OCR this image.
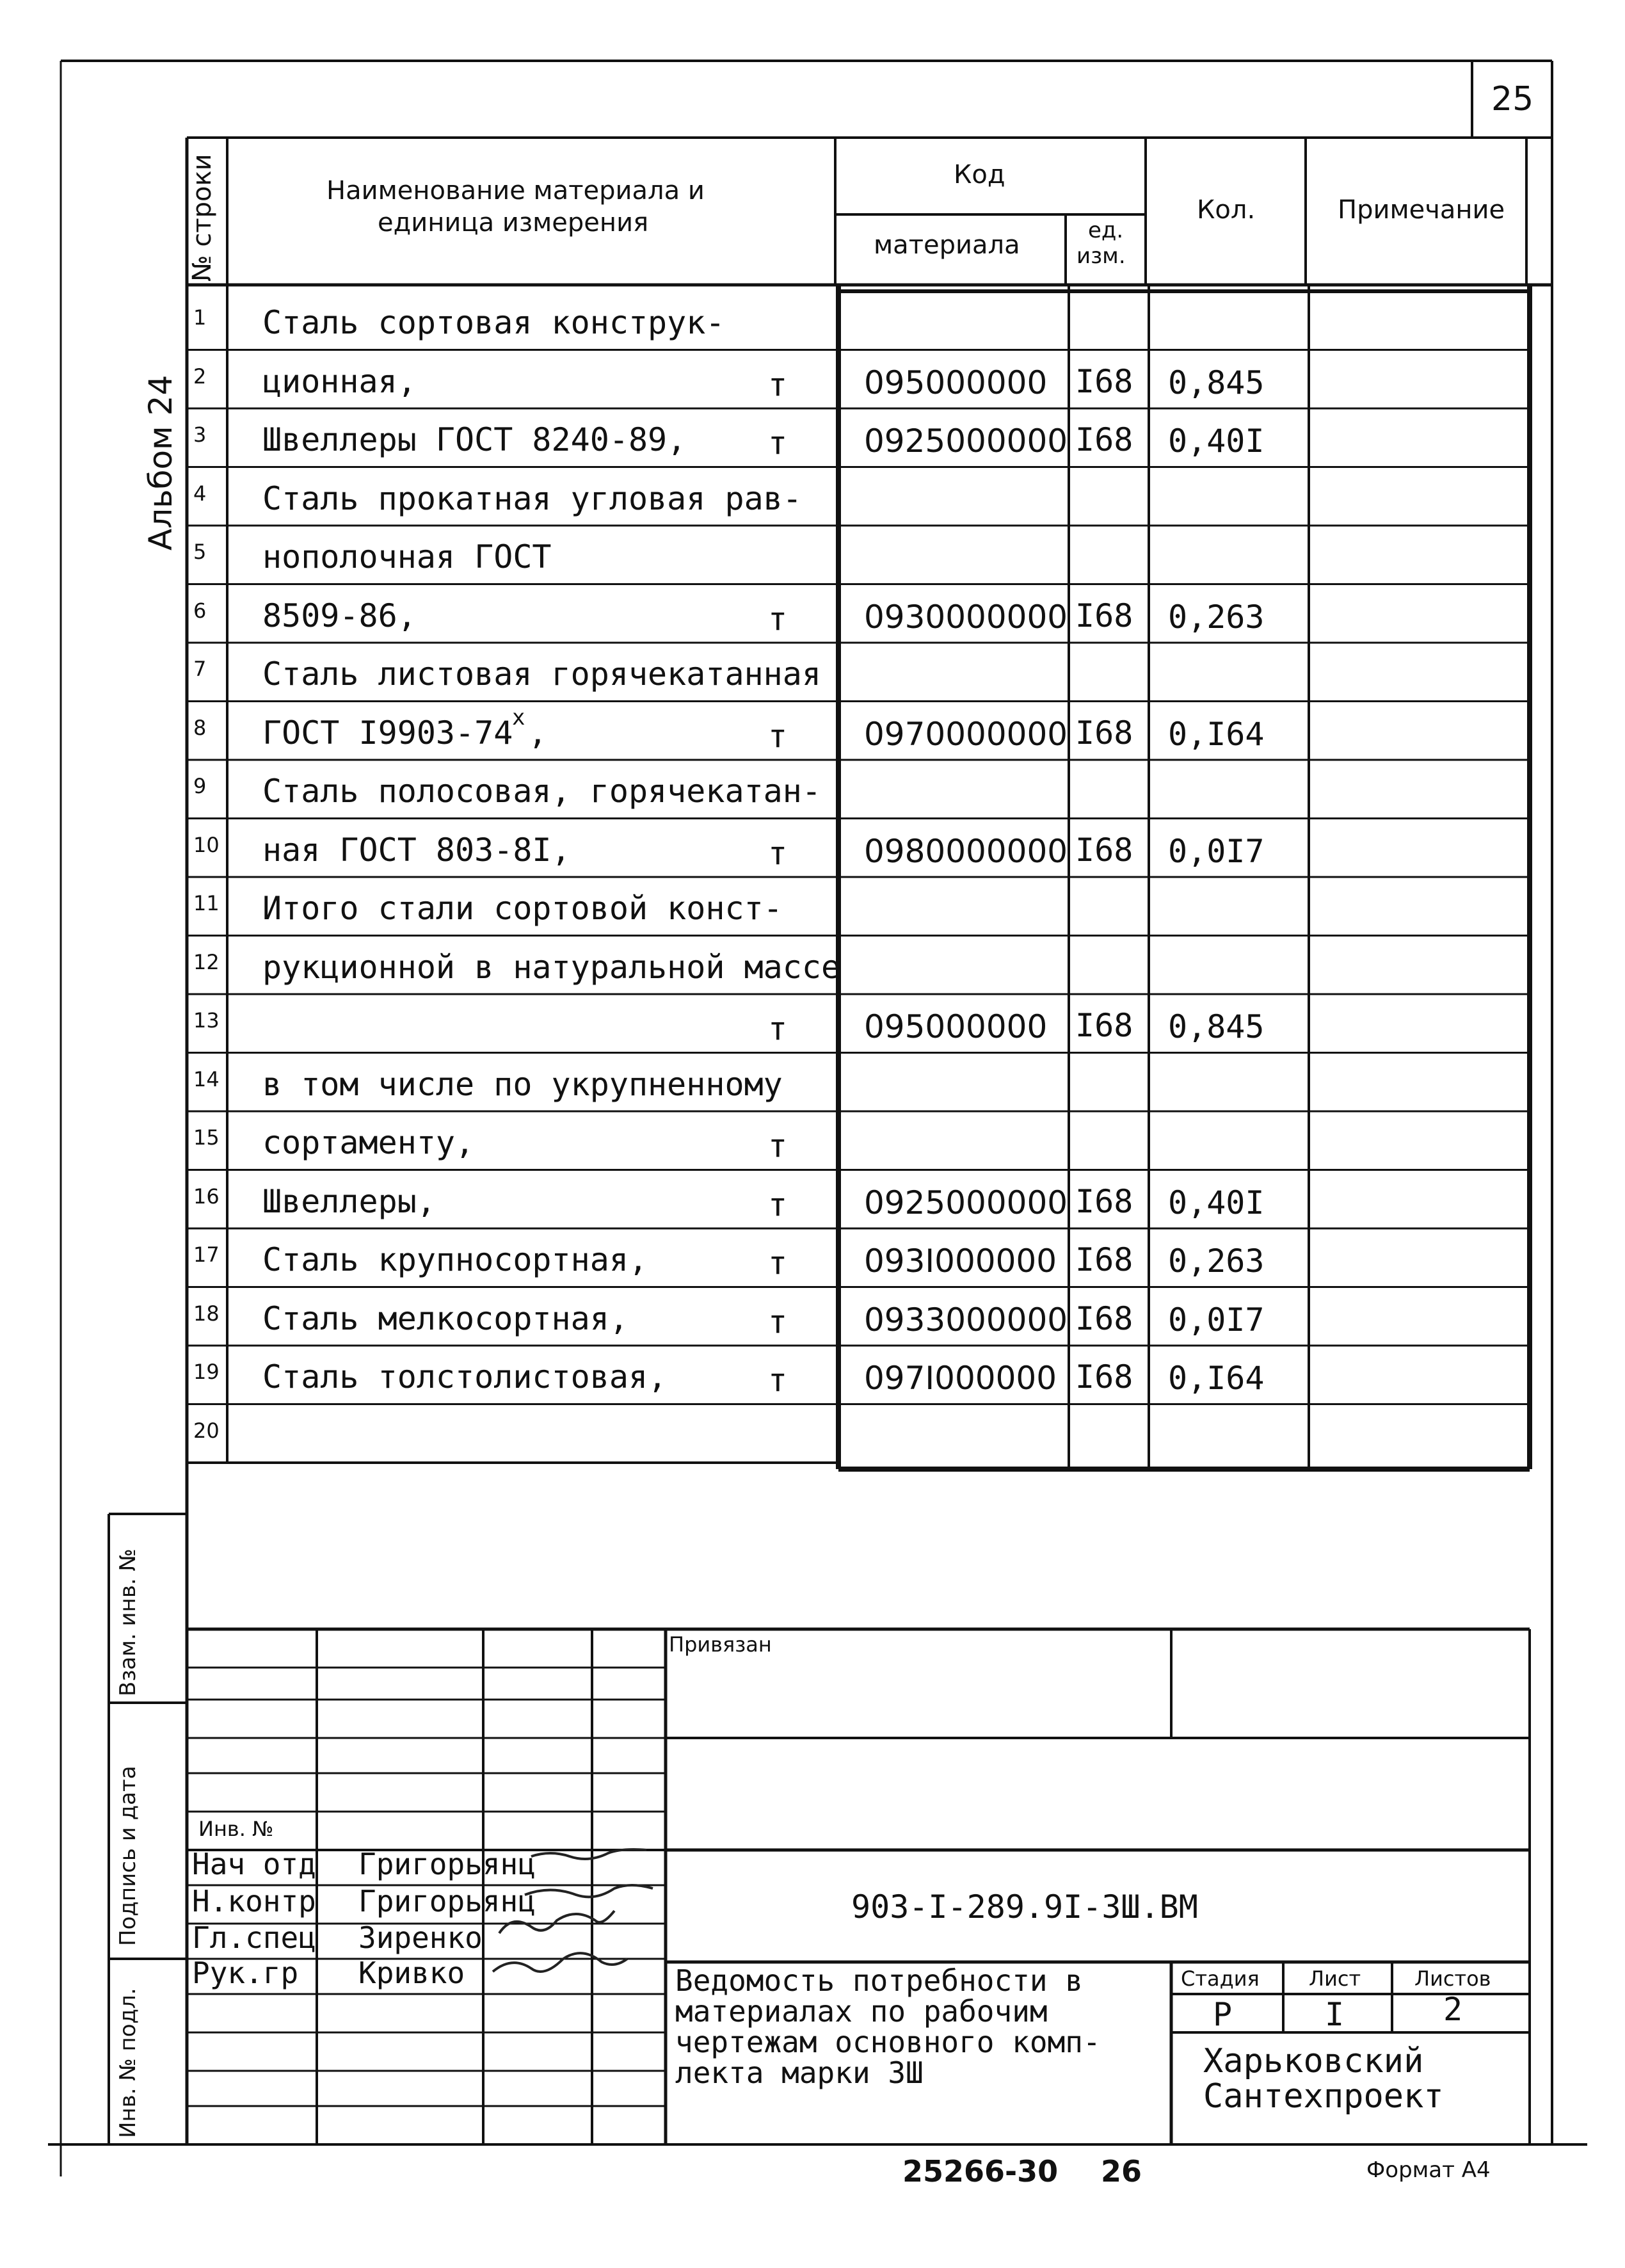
25
Альбом 24
№ строки	Наименование материала и
единица измерения
Код
материала	ед.
изм.
Кол.	Примечание
1 Сталь сортовая конструк-
2 ционная,	т 095000000 I68 0,845
3 Швеллеры ГОСТ 8240-89,	т 0925000000 I68 0,40I
4 Сталь прокатная угловая рав-
5 нополочная ГОСТ
6 8509-86,	т 0930000000 I68 0,263
7 Сталь листовая горячекатанная
8 ГОСТ I9903-74	т 0970000000 I68 0,I64
х ,
9 Сталь полосовая, горячекатан-
10 ная ГОСТ 803-8I,	т 0980000000 I68 0,0I7
11 Итого стали сортовой конст-
12 рукционной в натуральной массе
13	т 095000000 I68 0,845
14 в том числе по укрупненному
15 сортаменту,	т
16 Швеллеры,	т 0925000000 I68 0,40I
17 Сталь крупносортная,	т 093I000000 I68 0,263
18 Сталь мелкосортная,	т 0933000000 I68 0,0I7
19 Сталь толстолистовая,	т 097I000000 I68 0,I64
20
Взам. инв. №
Подпись и дата
Инв. № подл.
Привязан
Инв. №
Нач отд Григорьянц
Н.контр Григорьянц
Гл.спец Зиренко
Рук.гр Кривко
903-I-289.9I-3Ш.ВМ
Ведомость потребности в
материалах по рабочим
чертежам основного комп-
лекта марки 3Ш
Стадия Лист	Листов
Р	I	2
Харьковский
Сантехпроект
25266-30 26	Формат А4
